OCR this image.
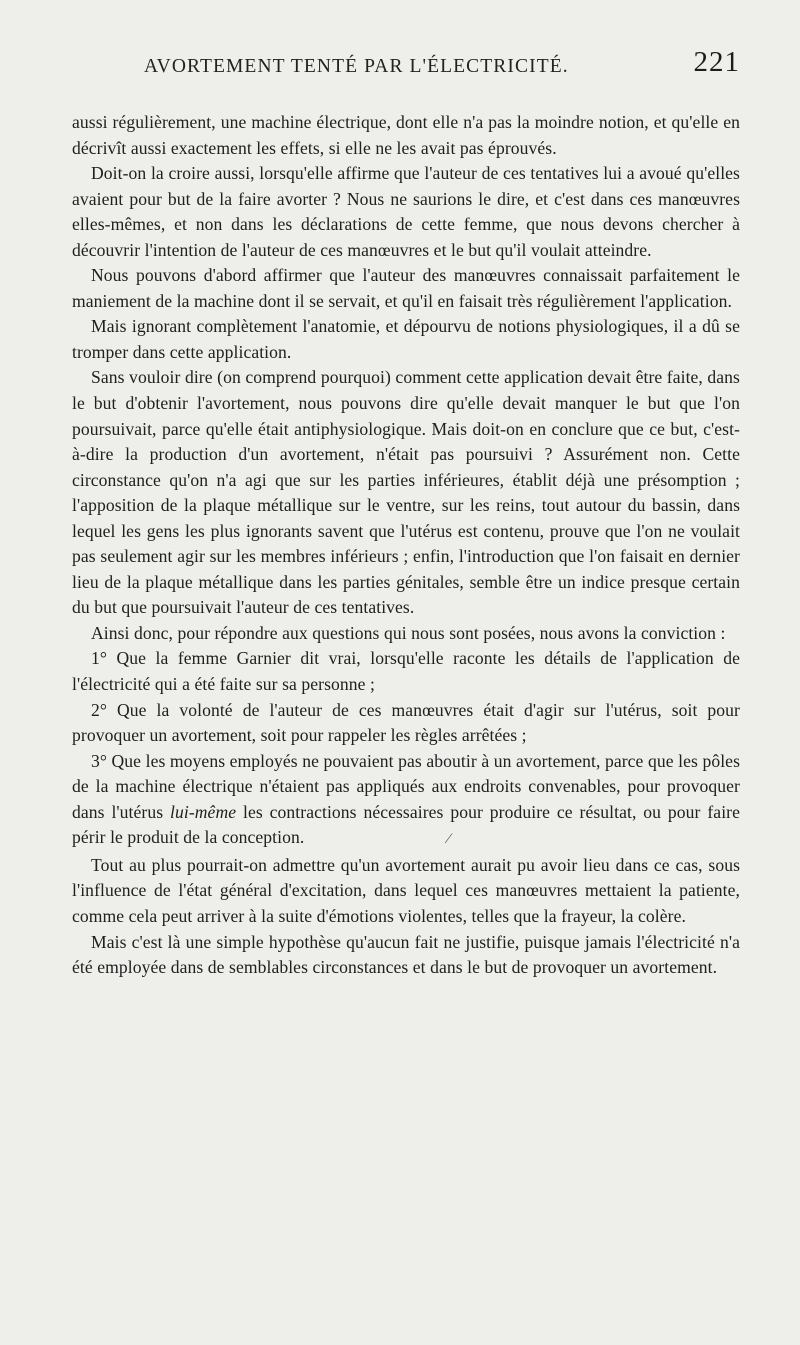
AVORTEMENT TENTÉ PAR L'ÉLECTRICITÉ.	221

aussi régulièrement, une machine électrique, dont elle n'a pas la moindre notion, et qu'elle en décrivît aussi exactement les effets, si elle ne les avait pas éprouvés.

Doit-on la croire aussi, lorsqu'elle affirme que l'auteur de ces tentatives lui a avoué qu'elles avaient pour but de la faire avorter ? Nous ne saurions le dire, et c'est dans ces manœuvres elles-mêmes, et non dans les déclarations de cette femme, que nous devons chercher à découvrir l'intention de l'auteur de ces manœuvres et le but qu'il voulait atteindre.

Nous pouvons d'abord affirmer que l'auteur des manœuvres connaissait parfaitement le maniement de la machine dont il se servait, et qu'il en faisait très régulièrement l'application.

Mais ignorant complètement l'anatomie, et dépourvu de notions physiologiques, il a dû se tromper dans cette application.

Sans vouloir dire (on comprend pourquoi) comment cette application devait être faite, dans le but d'obtenir l'avortement, nous pouvons dire qu'elle devait manquer le but que l'on poursuivait, parce qu'elle était antiphysiologique. Mais doit-on en conclure que ce but, c'est-à-dire la production d'un avortement, n'était pas poursuivi ? Assurément non. Cette circonstance qu'on n'a agi que sur les parties inférieures, établit déjà une présomption ; l'apposition de la plaque métallique sur le ventre, sur les reins, tout autour du bassin, dans lequel les gens les plus ignorants savent que l'utérus est contenu, prouve que l'on ne voulait pas seulement agir sur les membres inférieurs ; enfin, l'introduction que l'on faisait en dernier lieu de la plaque métallique dans les parties génitales, semble être un indice presque certain du but que poursuivait l'auteur de ces tentatives.

Ainsi donc, pour répondre aux questions qui nous sont posées, nous avons la conviction :

1° Que la femme Garnier dit vrai, lorsqu'elle raconte les détails de l'application de l'électricité qui a été faite sur sa personne ;

2° Que la volonté de l'auteur de ces manœuvres était d'agir sur l'utérus, soit pour provoquer un avortement, soit pour rappeler les règles arrêtées ;

3° Que les moyens employés ne pouvaient pas aboutir à un avortement, parce que les pôles de la machine électrique n'étaient pas appliqués aux endroits convenables, pour provoquer dans l'utérus lui-même les contractions nécessaires pour produire ce résultat, ou pour faire périr le produit de la conception.	⁄

Tout au plus pourrait-on admettre qu'un avortement aurait pu avoir lieu dans ce cas, sous l'influence de l'état général d'excitation, dans lequel ces manœuvres mettaient la patiente, comme cela peut arriver à la suite d'émotions violentes, telles que la frayeur, la colère.

Mais c'est là une simple hypothèse qu'aucun fait ne justifie, puisque jamais l'électricité n'a été employée dans de semblables circonstances et dans le but de provoquer un avortement.
